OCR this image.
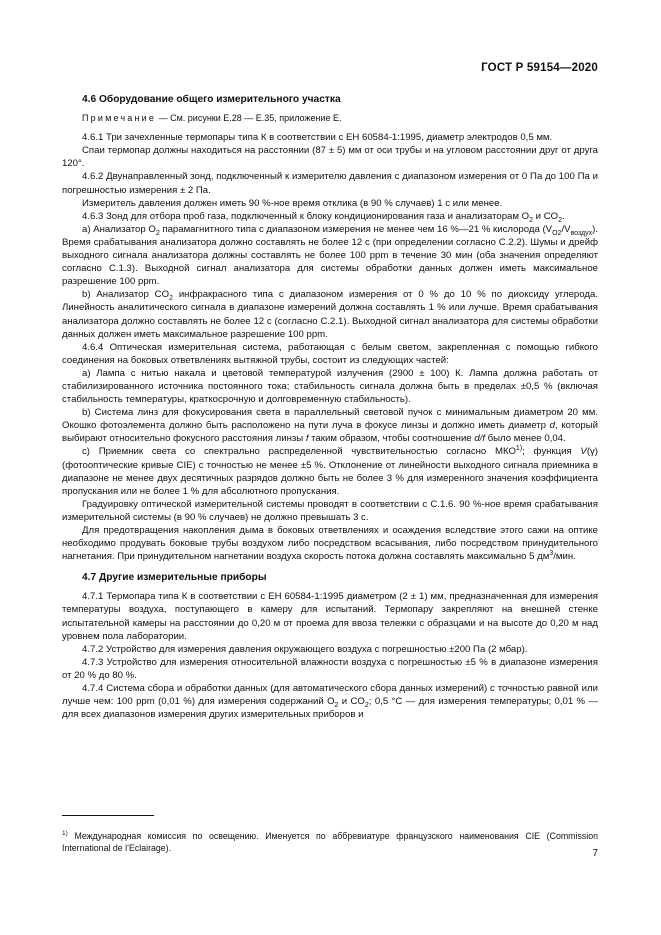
ГОСТ Р 59154—2020
4.6 Оборудование общего измерительного участка

Примечание — См. рисунки Е.28 — Е.35, приложение Е.

4.6.1 Три зачехленные термопары типа К в соответствии с ЕН 60584-1:1995, диаметр электродов 0,5 мм.

Спаи термопар должны находиться на расстоянии (87 ± 5) мм от оси трубы и на угловом расстоянии друг от друга 120°.

4.6.2 Двунаправленный зонд, подключенный к измерителю давления с диапазоном измерения от 0 Па до 100 Па и погрешностью измерения ± 2 Па.

Измеритель давления должен иметь 90 %-ное время отклика (в 90 % случаев) 1 с или менее.

4.6.3 Зонд для отбора проб газа, подключенный к блоку кондиционирования газа и анализаторам $O_2$ и $CO_2$.

а) Анализатор $O_2$ парамагнитного типа с диапазоном измерения не менее чем 16 %—21 % кислорода $(V_{O2}/V_{воздух})$. Время срабатывания анализатора должно составлять не более 12 с (при определении согласно С.2.2). Шумы и дрейф выходного сигнала анализатора должны составлять не более 100 ppm в течение 30 мин (оба значения определяют согласно С.1.3). Выходной сигнал анализатора для системы обработки данных должен иметь максимальное разрешение 100 ppm.

b) Анализатор $CO_2$ инфракрасного типа с диапазоном измерения от 0 % до 10 % по диоксиду углерода. Линейность аналитического сигнала в диапазоне измерений должна составлять 1 % или лучше. Время срабатывания анализатора должно составлять не более 12 с (согласно С.2.1). Выходной сигнал анализатора для системы обработки данных должен иметь максимальное разрешение 100 ppm.

4.6.4 Оптическая измерительная система, работающая с белым светом, закрепленная с помощью гибкого соединения на боковых ответвлениях вытяжной трубы, состоит из следующих частей:

а) Лампа с нитью накала и цветовой температурой излучения (2900 ± 100) К. Лампа должна работать от стабилизированного источника постоянного тока; стабильность сигнала должна быть в пределах ±0,5 % (включая стабильность температуры, краткосрочную и долговременную стабильность).

b) Система линз для фокусирования света в параллельный световой пучок с минимальным диаметром 20 мм. Окошко фотоэлемента должно быть расположено на пути луча в фокусе линзы и должно иметь диаметр d, который выбирают относительно фокусного расстояния линзы f таким образом, чтобы соотношение d/f было менее 0,04.

с) Приемник света со спектрально распределенной чувствительностью согласно МКО$^{1)}$; функция V(γ) (фотооптические кривые CIE) с точностью не менее ±5 %. Отклонение от линейности выходного сигнала приемника в диапазоне не менее двух десятичных разрядов должно быть не более 3 % для измеренного значения коэффициента пропускания или не более 1 % для абсолютного пропускания.

Градуировку оптической измерительной системы проводят в соответствии с С.1.6. 90 %-ное время срабатывания измерительной системы (в 90 % случаев) не должно превышать 3 с.

Для предотвращения накопления дыма в боковых ответвлениях и осаждения вследствие этого сажи на оптике необходимо продувать боковые трубы воздухом либо посредством всасывания, либо посредством принудительного нагнетания. При принудительном нагнетании воздуха скорость потока должна составлять максимально 5 $дм^3$/мин.

4.7 Другие измерительные приборы

4.7.1 Термопара типа К в соответствии с ЕН 60584-1:1995 диаметром (2 ± 1) мм, предназначенная для измерения температуры воздуха, поступающего в камеру для испытаний. Термопару закрепляют на внешней стенке испытательной камеры на расстоянии до 0,20 м от проема для ввоза тележки с образцами и на высоте до 0,20 м над уровнем пола лаборатории.

4.7.2 Устройство для измерения давления окружающего воздуха с погрешностью ±200 Па (2 мбар).

4.7.3 Устройство для измерения относительной влажности воздуха с погрешностью ±5 % в диапазоне измерения от 20 % до 80 %.

4.7.4 Система сбора и обработки данных (для автоматического сбора данных измерений) с точностью равной или лучше чем: 100 ppm (0,01 %) для измерения содержаний $O_2$ и $CO_2$; 0,5 °C — для измерения температуры; 0,01 % — для всех диапазонов измерения других измерительных приборов и

$^{1)}$ Международная комиссия по освещению. Именуется по аббревиатуре французского наименования CIE (Commission International de l’Eclairage).

7
